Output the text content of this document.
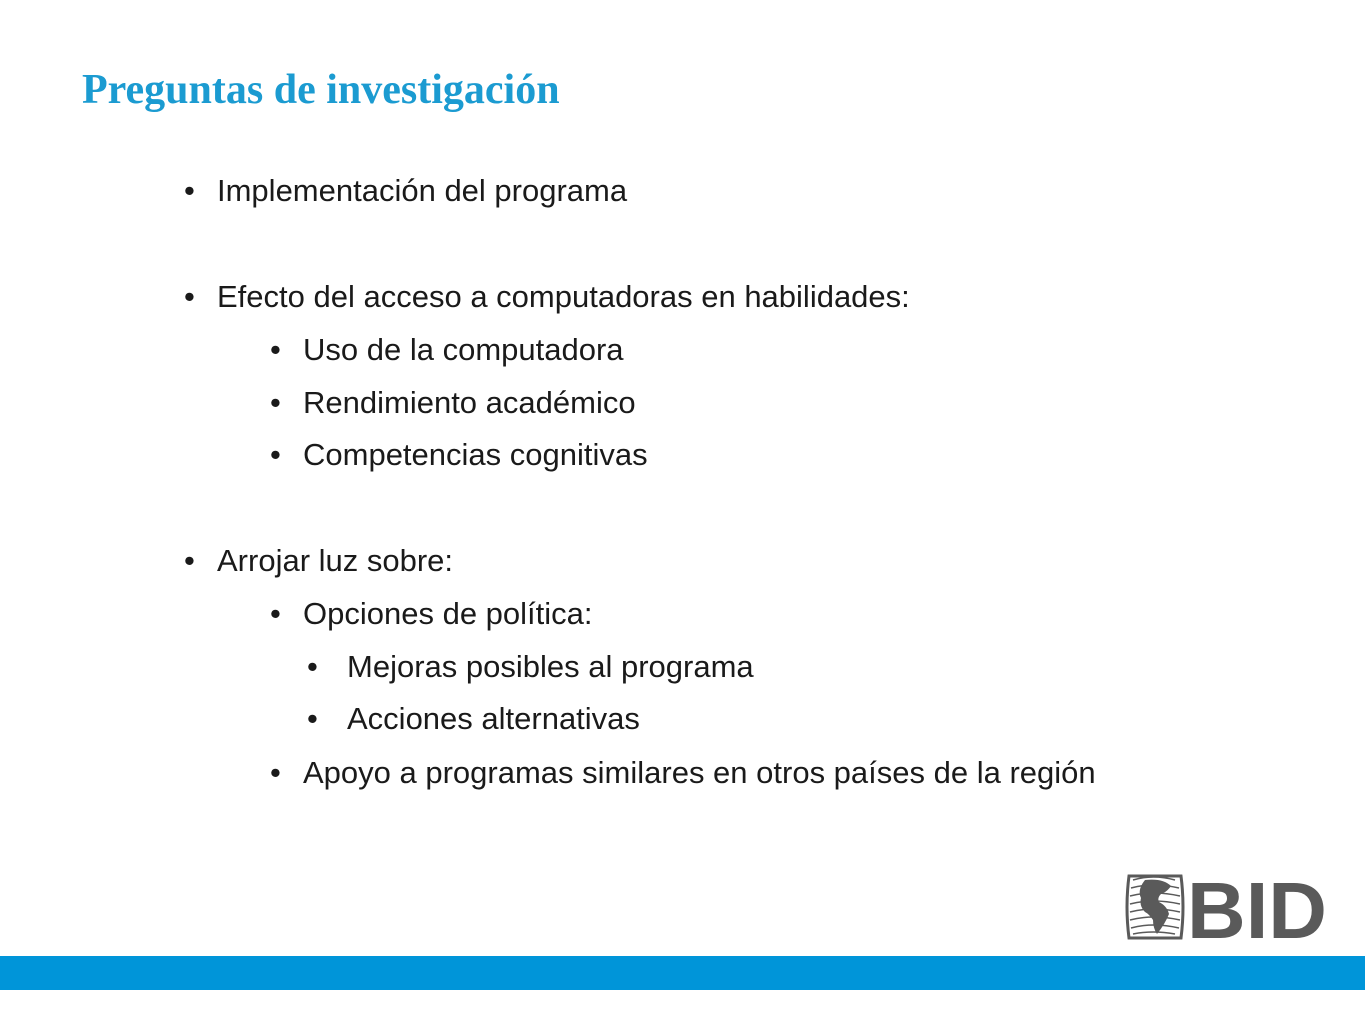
Preguntas de investigación
• Implementación del programa
• Efecto del acceso a computadoras en habilidades:
• Uso de la computadora
• Rendimiento académico
• Competencias cognitivas
• Arrojar luz sobre:
• Opciones de política:
• Mejoras posibles al programa
• Acciones alternativas
• Apoyo a programas similares en otros países de la región
BID
